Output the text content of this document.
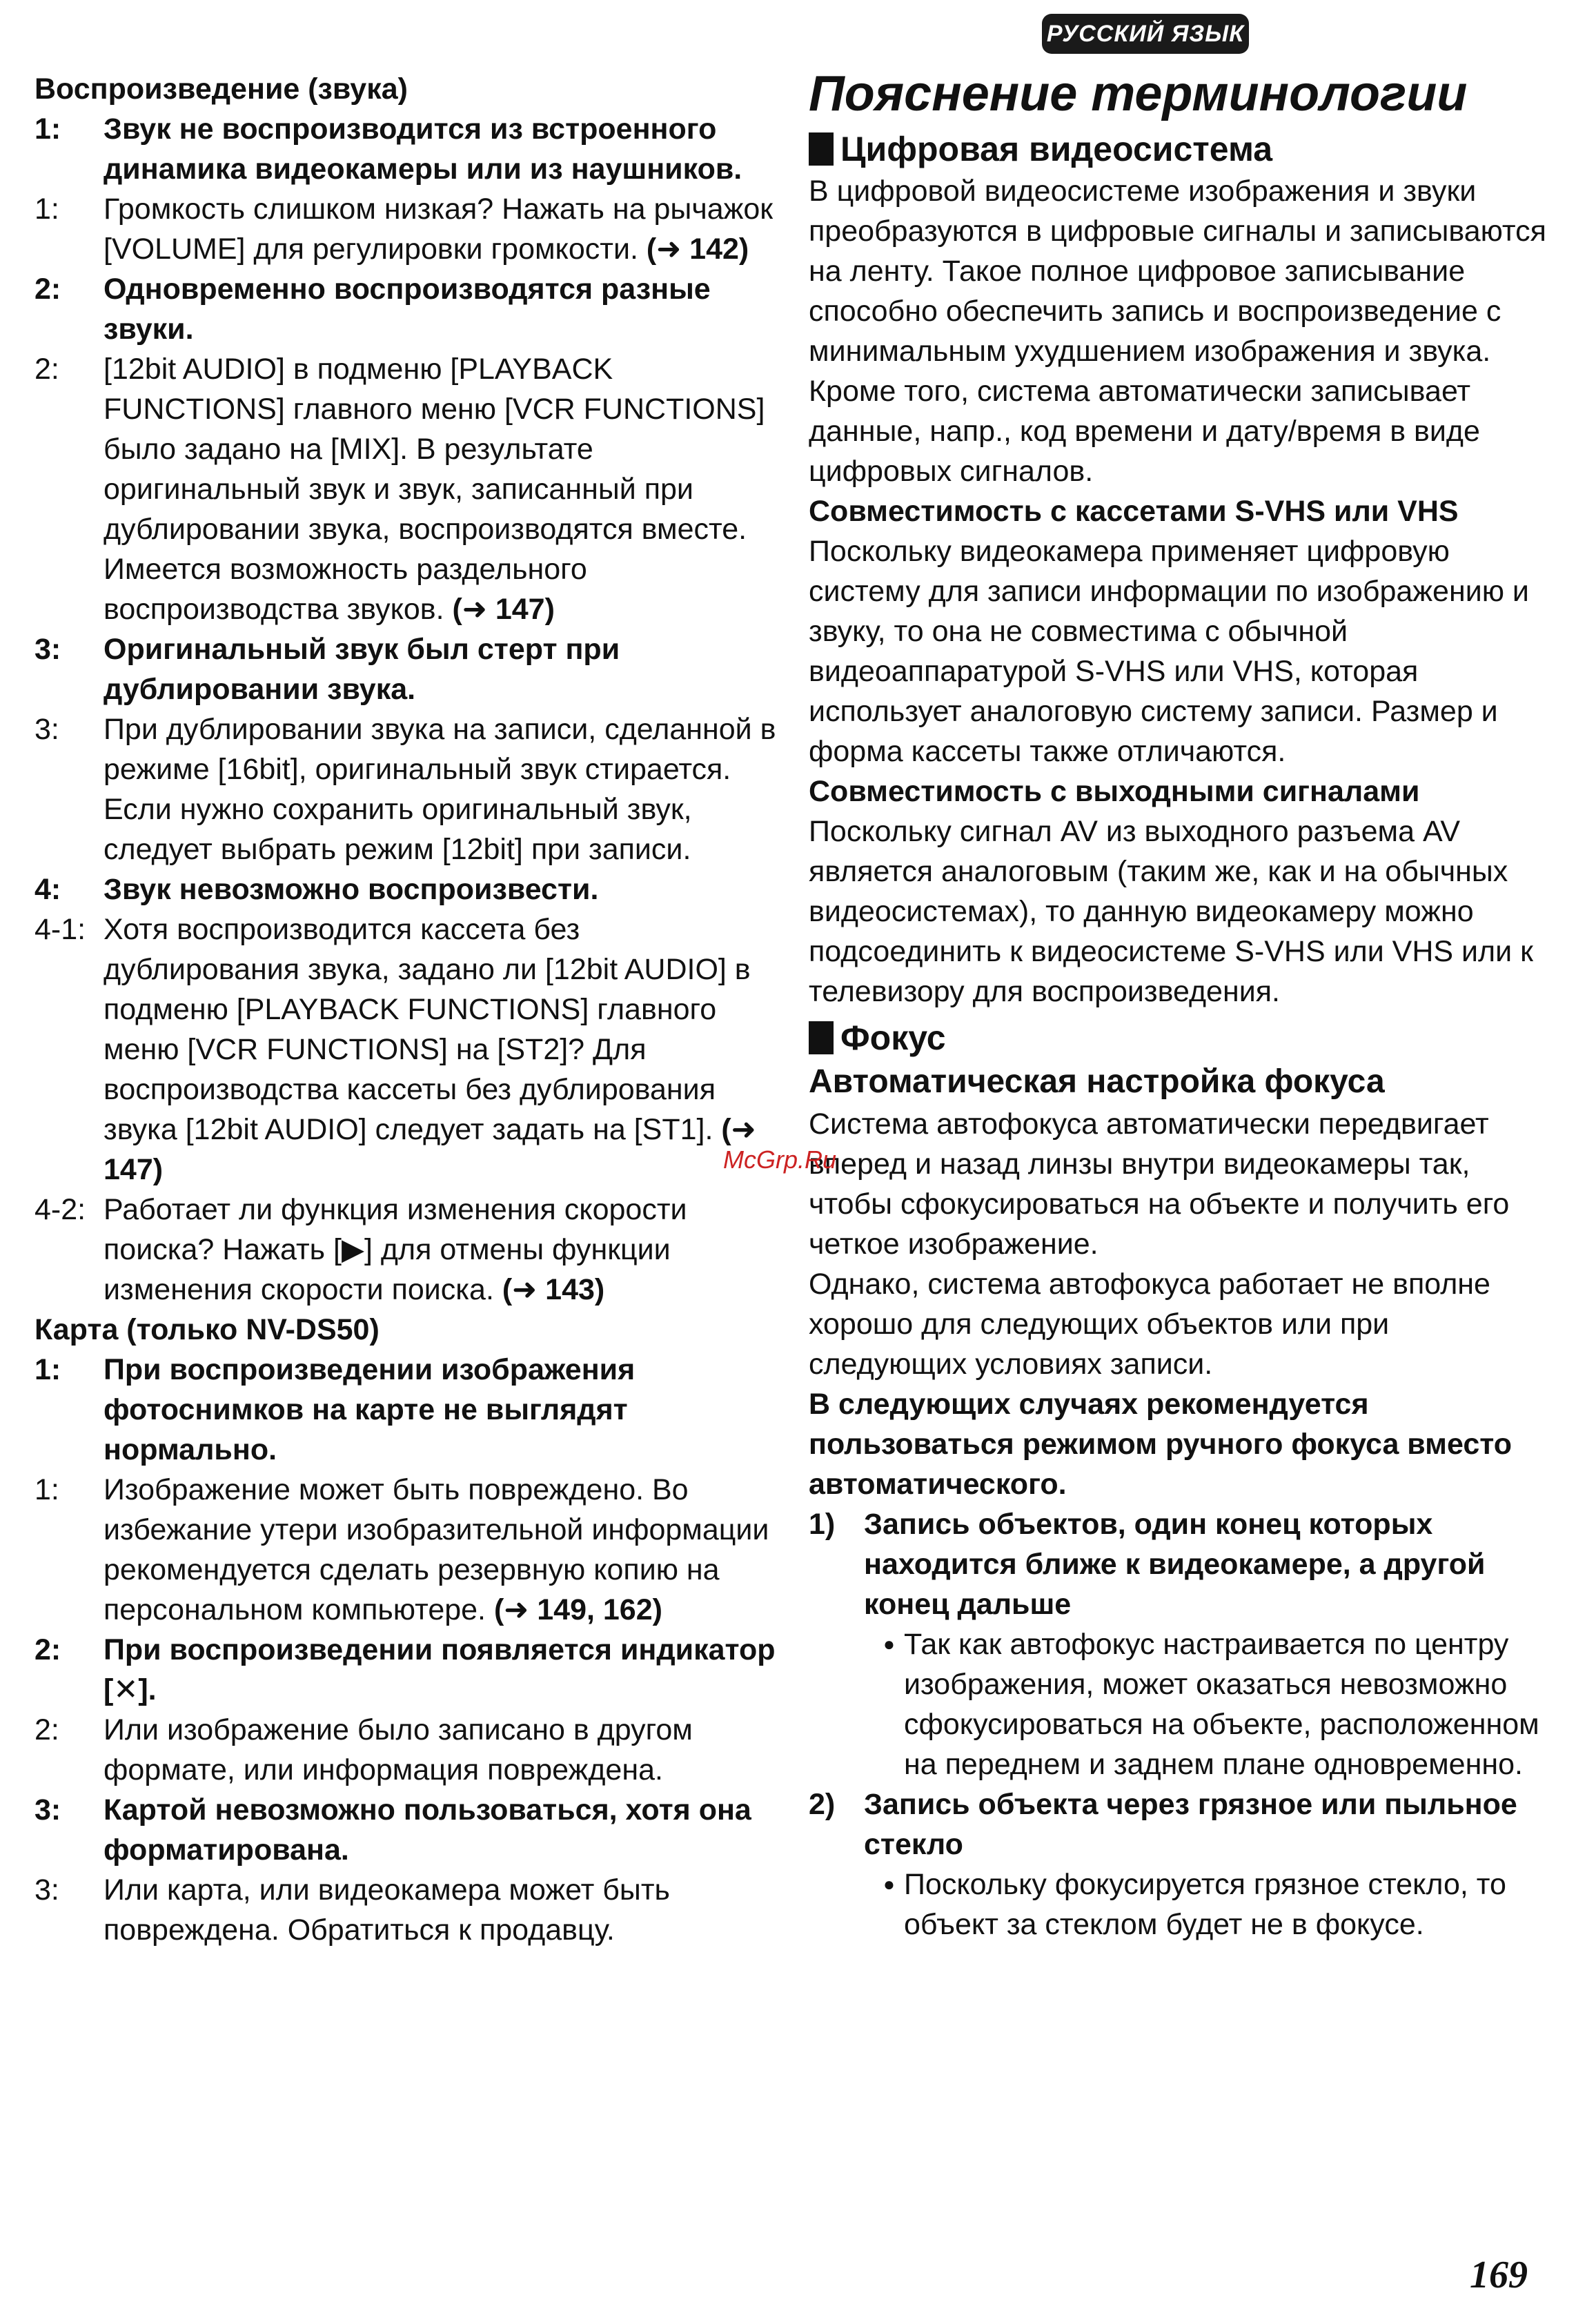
РУССКИЙ ЯЗЫК

Воспроизведение (звука)

1:	Звук не воспроизводится из встроенного динамика видеокамеры или из наушников.
1:	Громкость слишком низкая? Нажать на рычажок [VOLUME] для регулировки громкости. (➜ 142)
2:	Одновременно воспроизводятся разные звуки.
2:	[12bit AUDIO] в подменю [PLAYBACK FUNCTIONS] главного меню [VCR FUNCTIONS] было задано на [MIX]. В результате оригинальный звук и звук, записанный при дублировании звука, воспроизводятся вместе. Имеется возможность раздельного воспроизводства звуков. (➜ 147)
3:	Оригинальный звук был стерт при дублировании звука.
3:	При дублировании звука на записи, сделанной в режиме [16bit], оригинальный звук стирается. Если нужно сохранить оригинальный звук, следует выбрать режим [12bit] при записи.
4:	Звук невозможно воспроизвести.
4-1: Хотя воспроизводится кассета без дублирования звука, задано ли [12bit AUDIO] в подменю [PLAYBACK FUNCTIONS] главного меню [VCR FUNCTIONS] на [ST2]? Для воспроизводства кассеты без дублирования звука [12bit AUDIO] следует задать на [ST1]. (➜ 147)
4-2: Работает ли функция изменения скорости поиска? Нажать [▶] для отмены функции изменения скорости поиска. (➜ 143)

Карта (только NV-DS50)

1:	При воспроизведении изображения фотоснимков на карте не выглядят нормально.
1:	Изображение может быть повреждено. Во избежание утери изобразительной информации рекомендуется сделать резервную копию на персональном компьютере. (➜ 149, 162)
2:	При воспроизведении появляется индикатор [✕].
2:	Или изображение было записано в другом формате, или информация повреждена.
3:	Картой невозможно пользоваться, хотя она форматирована.
3:	Или карта, или видеокамера может быть повреждена. Обратиться к продавцу.
Пояснение терминологии
Цифровая видеосистема

В цифровой видеосистеме изображения и звуки преобразуются в цифровые сигналы и записываются на ленту. Такое полное цифровое записывание способно обеспечить запись и воспроизведение с минимальным ухудшением изображения и звука.

Кроме того, система автоматически записывает данные, напр., код времени и дату/время в виде цифровых сигналов.

Совместимость с кассетами S-VHS или VHS

Поскольку видеокамера применяет цифровую систему для записи информации по изображению и звуку, то она не совместима с обычной видеоаппаратурой S-VHS или VHS, которая использует аналоговую систему записи. Размер и форма кассеты также отличаются.

Совместимость с выходными сигналами

Поскольку сигнал AV из выходного разъема AV является аналоговым (таким же, как и на обычных видеосистемах), то данную видеокамеру можно подсоединить к видеосистеме S-VHS или VHS или к телевизору для воспроизведения.

Фокус

Автоматическая настройка фокуса

Система автофокуса автоматически передвигает вперед и назад линзы внутри видеокамеры так, чтобы сфокусироваться на объекте и получить его четкое изображение.

Однако, система автофокуса работает не вполне хорошо для следующих объектов или при следующих условиях записи.

В следующих случаях рекомендуется пользоваться режимом ручного фокуса вместо автоматического.

1) Запись объектов, один конец которых находится ближе к видеокамере, а другой конец дальше
● Так как автофокус настраивается по центру изображения, может оказаться невозможно сфокусироваться на объекте, расположенном на переднем и заднем плане одновременно.
2) Запись объекта через грязное или пыльное стекло
● Поскольку фокусируется грязное стекло, то объект за стеклом будет не в фокусе.
McGrp.Ru
169
